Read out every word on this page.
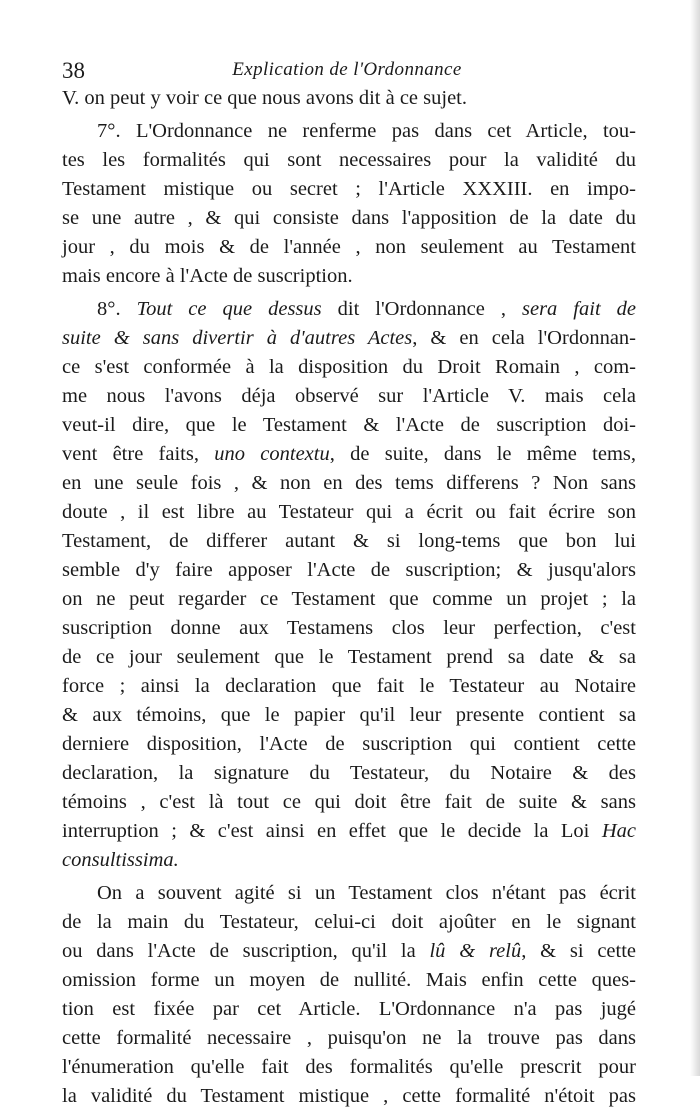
38	Explication de l'Ordonnance
V. on peut y voir ce que nous avons dit à ce sujet.
7°. L'Ordonnance ne renferme pas dans cet Article, tou-
tes les formalités qui sont necessaires pour la validité du
Testament mistique ou secret ; l'Article XXXIII. en impo-
se une autre , & qui consiste dans l'apposition de la date du
jour , du mois & de l'année , non seulement au Testament
mais encore à l'Acte de suscription.
8°. Tout ce que dessus dit l'Ordonnance , sera fait de
suite & sans divertir à d'autres Actes, & en cela l'Ordonnan-
ce s'est conformée à la disposition du Droit Romain , com-
me nous l'avons déja observé sur l'Article V. mais cela
veut-il dire, que le Testament & l'Acte de suscription doi-
vent être faits, uno contextu, de suite, dans le même tems,
en une seule fois , & non en des tems differens ? Non sans
doute , il est libre au Testateur qui a écrit ou fait écrire son
Testament, de differer autant & si long-tems que bon lui
semble d'y faire apposer l'Acte de suscription; & jusqu'alors
on ne peut regarder ce Testament que comme un projet ; la
suscription donne aux Testamens clos leur perfection, c'est
de ce jour seulement que le Testament prend sa date & sa
force ; ainsi la declaration que fait le Testateur au Notaire
& aux témoins, que le papier qu'il leur presente contient sa
derniere disposition, l'Acte de suscription qui contient cette
declaration, la signature du Testateur, du Notaire & des
témoins , c'est là tout ce qui doit être fait de suite & sans
interruption ; & c'est ainsi en effet que le decide la Loi Hac
consultissima.
On a souvent agité si un Testament clos n'étant pas écrit
de la main du Testateur, celui-ci doit ajoûter en le signant
ou dans l'Acte de suscription, qu'il la lû & relû, & si cette
omission forme un moyen de nullité. Mais enfin cette ques-
tion est fixée par cet Article. L'Ordonnance n'a pas jugé
cette formalité necessaire , puisqu'on ne la trouve pas dans
l'énumeration qu'elle fait des formalités qu'elle prescrit pour
la validité du Testament mistique , cette formalité n'étoit pas
